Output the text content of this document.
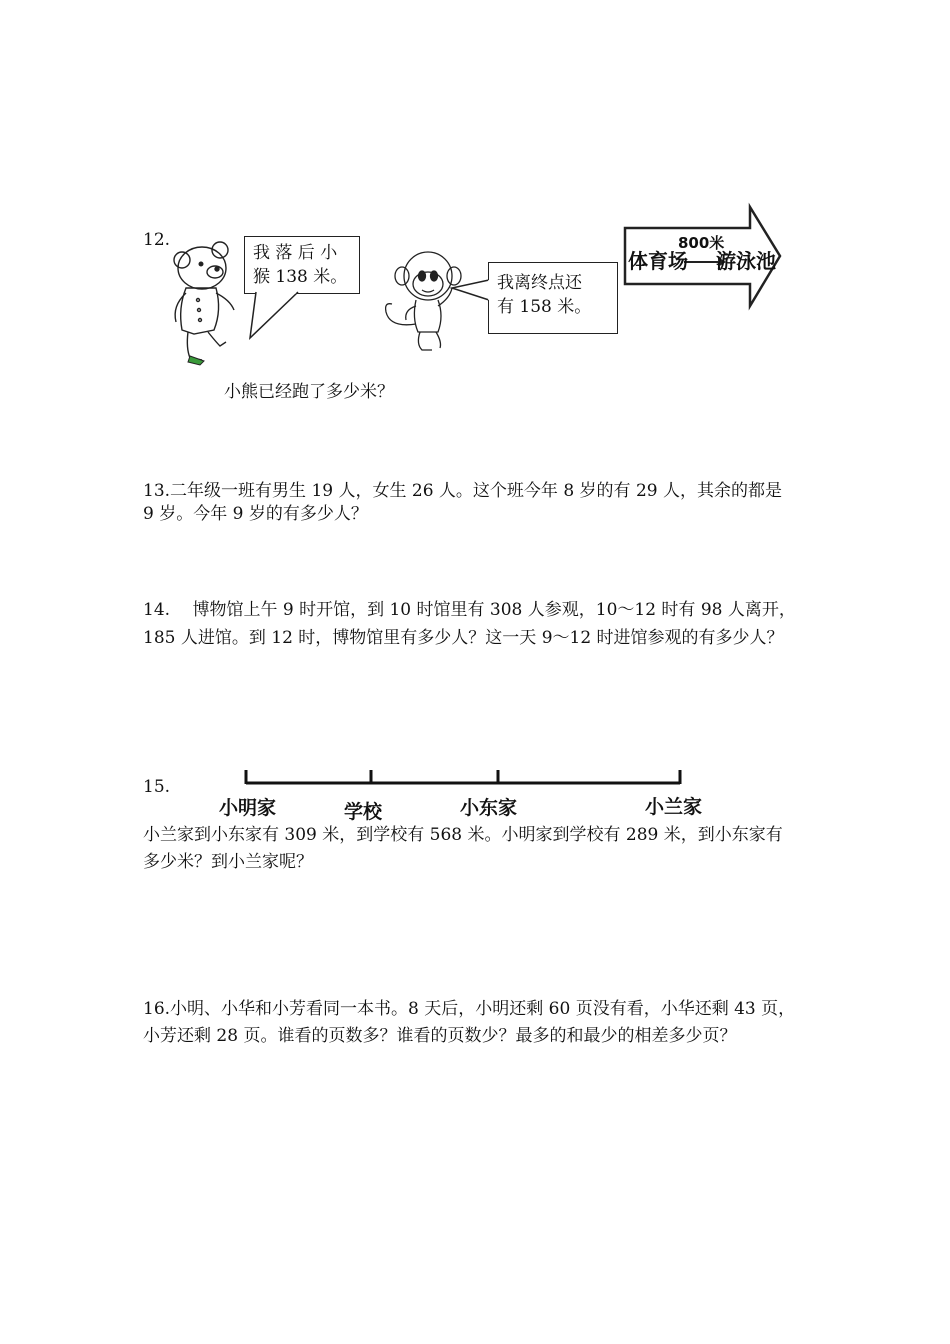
12.
我 落 后 小
猴 138 米。	我离终点还
有 158 米。
体育场
800米
游泳池
小熊已经跑了多少米？
13.二年级一班有男生 19 人，女生 26 人。这个班今年 8 岁的有 29 人，其余的都是
9 岁。今年 9 岁的有多少人？
14.　 博物馆上午 9 时开馆，到 10 时馆里有 308 人参观，10～12 时有 98 人离开，
185 人进馆。到 12 时，博物馆里有多少人？这一天 9～12 时进馆参观的有多少人？
15.
小明家	学校	小东家	小兰家
小兰家到小东家有 309 米，到学校有 568 米。小明家到学校有 289 米，到小东家有
多少米？到小兰家呢？
16.小明、小华和小芳看同一本书。8 天后，小明还剩 60 页没有看，小华还剩 43 页，
小芳还剩 28 页。谁看的页数多？谁看的页数少？最多的和最少的相差多少页？
